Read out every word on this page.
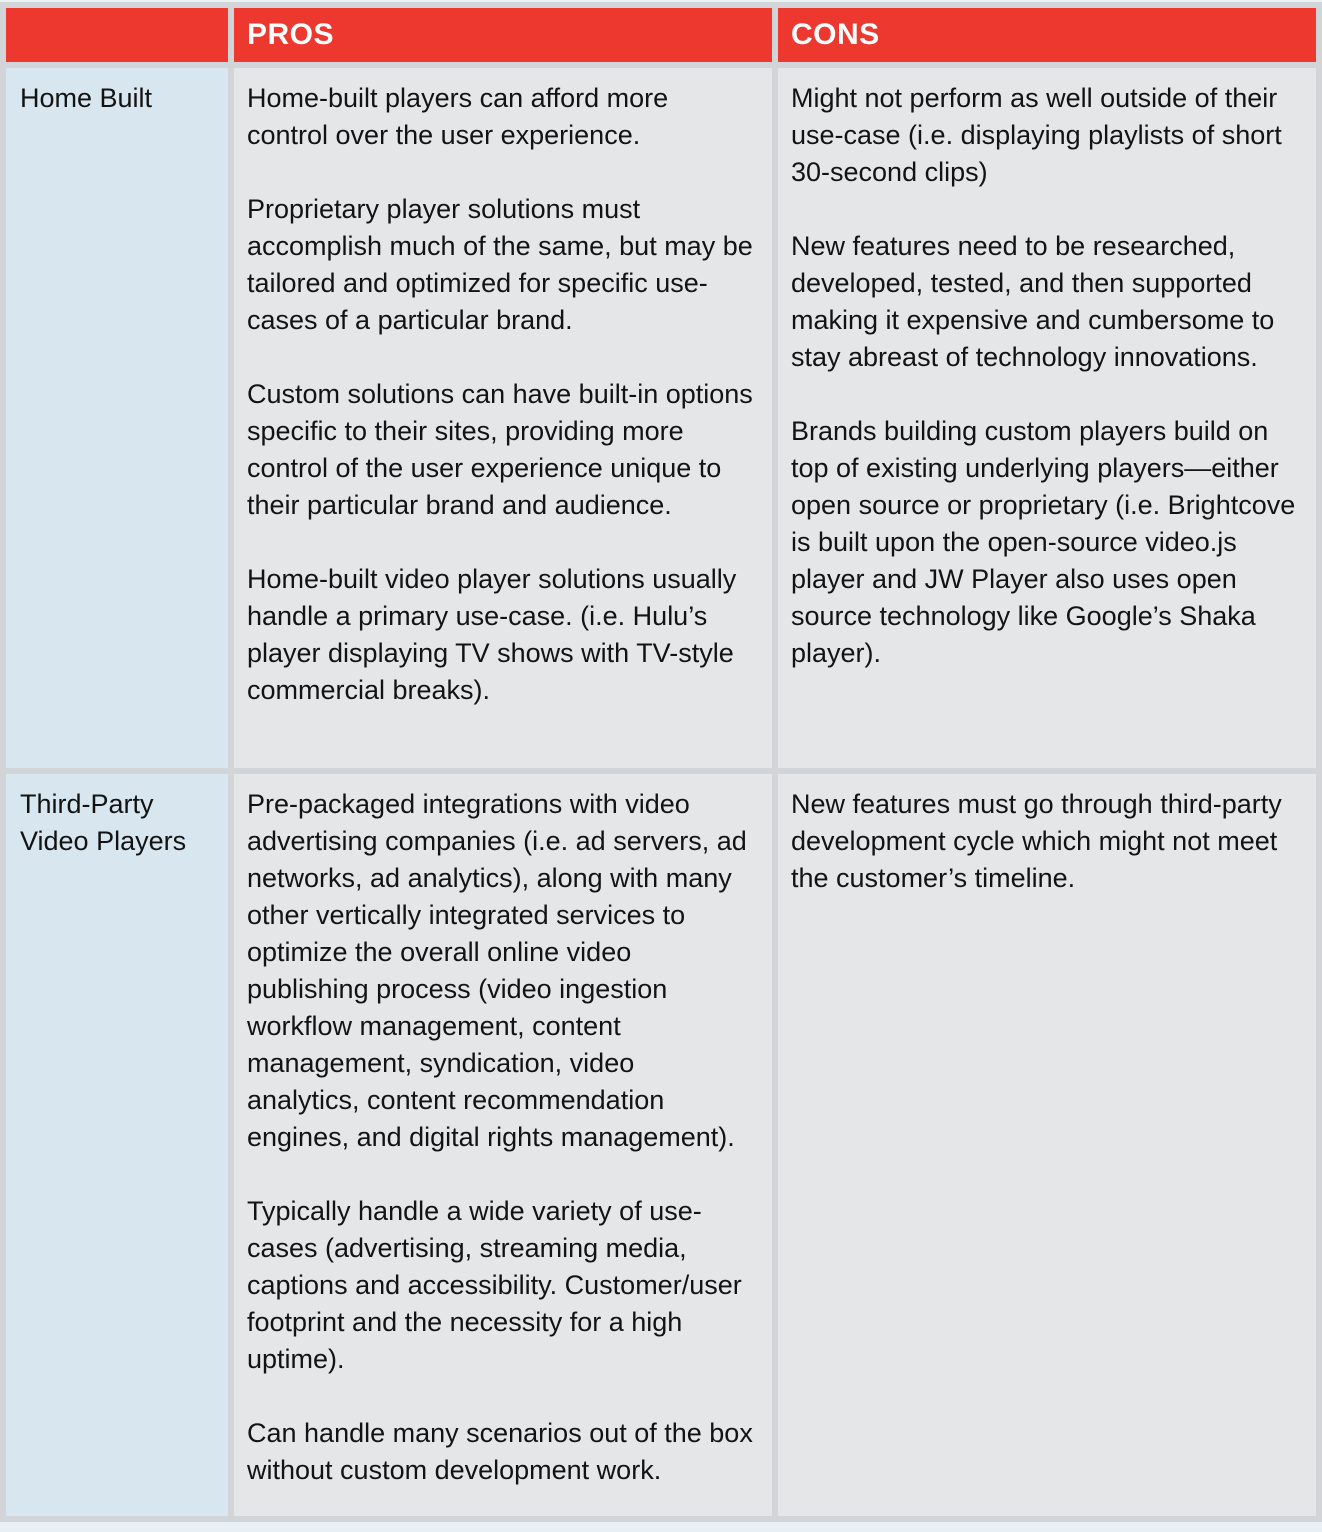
PROS	CONS
Home Built	Home-built players can afford more control over the user experience.

Proprietary player solutions must accomplish much of the same, but may be tailored and optimized for specific use-cases of a particular brand.

Custom solutions can have built-in options specific to their sites, providing more control of the user experience unique to their particular brand and audience.

Home-built video player solutions usually handle a primary use-case. (i.e. Hulu’s player displaying TV shows with TV-style commercial breaks).

Might not perform as well outside of their use-case (i.e. displaying playlists of short 30-second clips)

New features need to be researched, developed, tested, and then supported making it expensive and cumbersome to stay abreast of technology innovations.

Brands building custom players build on top of existing underlying players—either open source or proprietary (i.e. Brightcove is built upon the open-source video.js player and JW Player also uses open source technology like Google’s Shaka player).

Third-Party Video Players

Pre-packaged integrations with video advertising companies (i.e. ad servers, ad networks, ad analytics), along with many other vertically integrated services to optimize the overall online video publishing process (video ingestion workflow management, content management, syndication, video analytics, content recommendation engines, and digital rights management).

Typically handle a wide variety of use-cases (advertising, streaming media, captions and accessibility. Customer/user footprint and the necessity for a high uptime).

Can handle many scenarios out of the box without custom development work.

New features must go through third-party development cycle which might not meet the customer’s timeline.
